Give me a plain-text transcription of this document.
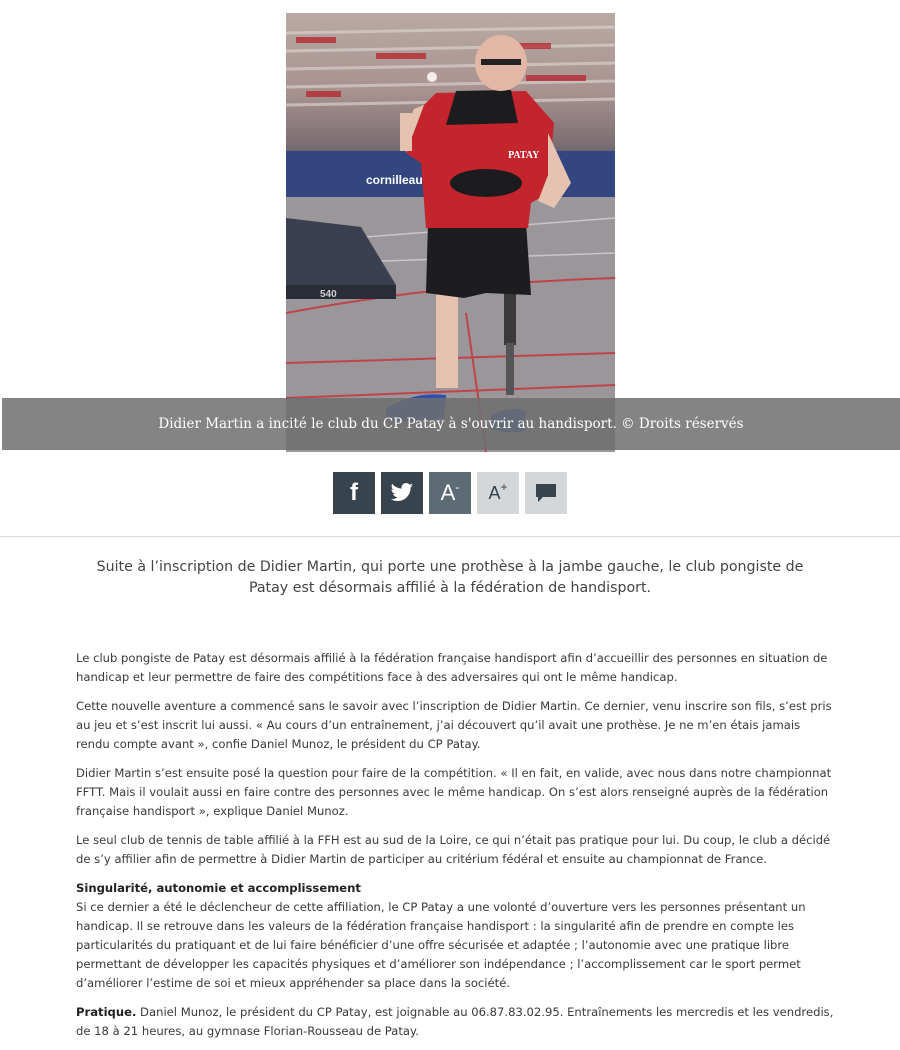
cornilleau
540
PATAY
Didier Martin a incité le club du CP Patay à s'ouvrir au handisport. © Droits réservés
f	A- A+
Suite à l’inscription de Didier Martin, qui porte une prothèse à la jambe gauche, le club pongiste de Patay est désormais affilié à la fédération de handisport.

Le club pongiste de Patay est désormais affilié à la fédération française handisport afin d’accueillir des personnes en situation de handicap et leur permettre de faire des compétitions face à des adversaires qui ont le même handicap.

Cette nouvelle aventure a commencé sans le savoir avec l’inscription de Didier Martin. Ce dernier, venu inscrire son fils, s’est pris au jeu et s’est inscrit lui aussi. « Au cours d’un entraînement, j’ai découvert qu’il avait une prothèse. Je ne m’en étais jamais rendu compte avant », confie Daniel Munoz, le président du CP Patay.

Didier Martin s’est ensuite posé la question pour faire de la compétition. « Il en fait, en valide, avec nous dans notre championnat FFTT. Mais il voulait aussi en faire contre des personnes avec le même handicap. On s’est alors renseigné auprès de la fédération française handisport », explique Daniel Munoz.

Le seul club de tennis de table affilié à la FFH est au sud de la Loire, ce qui n’était pas pratique pour lui. Du coup, le club a décidé de s’y affilier afin de permettre à Didier Martin de participer au critérium fédéral et ensuite au championnat de France.

Singularité, autonomie et accomplissement
Si ce dernier a été le déclencheur de cette affiliation, le CP Patay a une volonté d’ouverture vers les personnes présentant un handicap. Il se retrouve dans les valeurs de la fédération française handisport : la singularité afin de prendre en compte les particularités du pratiquant et de lui faire bénéficier d’une offre sécurisée et adaptée ; l’autonomie avec une pratique libre permettant de développer les capacités physiques et d’améliorer son indépendance ; l’accomplissement car le sport permet d’améliorer l’estime de soi et mieux appréhender sa place dans la société.

Pratique. Daniel Munoz, le président du CP Patay, est joignable au 06.87.83.02.95. Entraînements les mercredis et les vendredis, de 18 à 21 heures, au gymnase Florian-Rousseau de Patay.
